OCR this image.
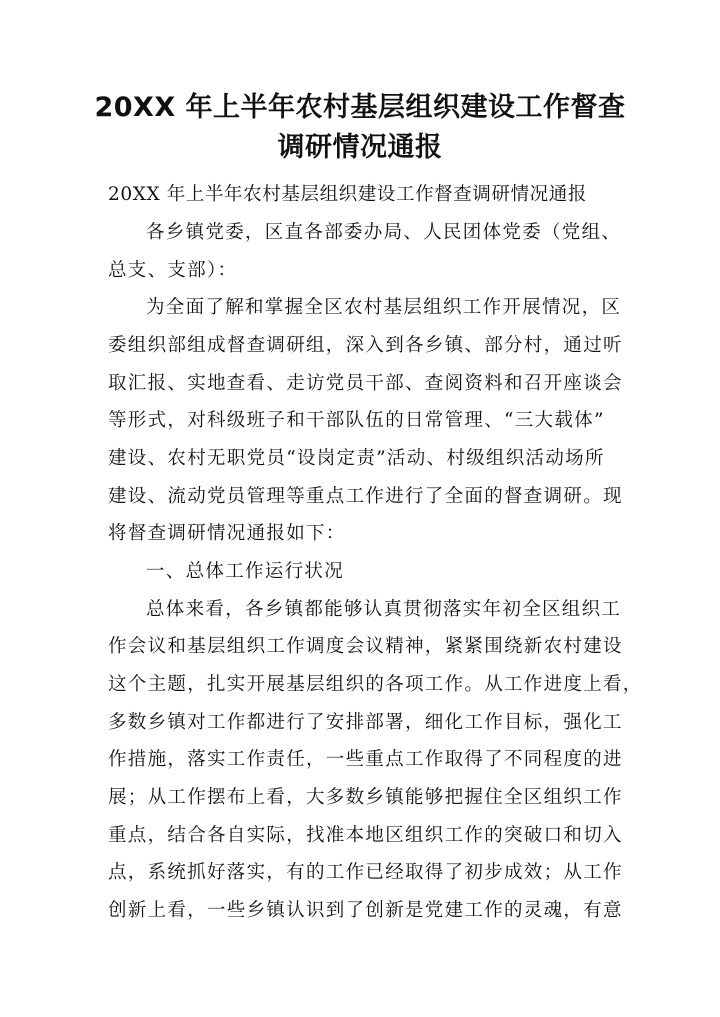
20XX 年上半年农村基层组织建设工作督查
调研情况通报
20XX 年上半年农村基层组织建设工作督查调研情况通报
各乡镇党委，区直各部委办局、人民团体党委（党组、
总支、支部）：
为全面了解和掌握全区农村基层组织工作开展情况，区
委组织部组成督查调研组，深入到各乡镇、部分村，通过听
取汇报、实地查看、走访党员干部、查阅资料和召开座谈会
等形式，对科级班子和干部队伍的日常管理、“三大载体”
建设、农村无职党员“设岗定责”活动、村级组织活动场所
建设、流动党员管理等重点工作进行了全面的督查调研。现
将督查调研情况通报如下：
一、总体工作运行状况
总体来看，各乡镇都能够认真贯彻落实年初全区组织工
作会议和基层组织工作调度会议精神，紧紧围绕新农村建设
这个主题，扎实开展基层组织的各项工作。从工作进度上看，
多数乡镇对工作都进行了安排部署，细化工作目标，强化工
作措施，落实工作责任，一些重点工作取得了不同程度的进
展；从工作摆布上看，大多数乡镇能够把握住全区组织工作
重点，结合各自实际，找准本地区组织工作的突破口和切入
点，系统抓好落实，有的工作已经取得了初步成效；从工作
创新上看，一些乡镇认识到了创新是党建工作的灵魂，有意
